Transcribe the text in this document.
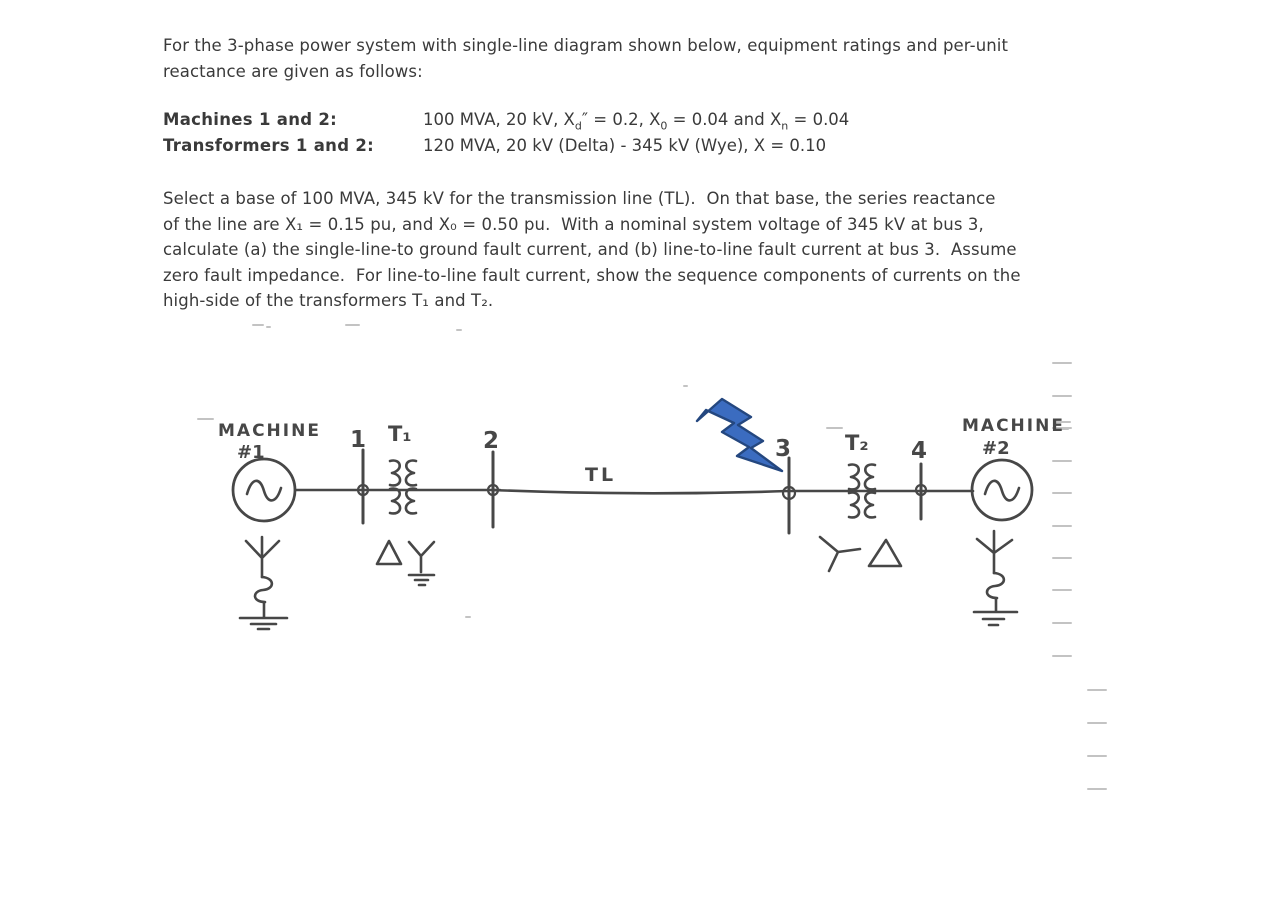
For the 3-phase power system with single-line diagram shown below, equipment ratings and per-unit
reactance are given as follows:
Machines 1 and 2:	100 MVA, 20 kV, $X_d'' = 0.2$, $X_0 = 0.04$ and $X_n = 0.04$
Transformers 1 and 2:	120 MVA, 20 kV (Delta) - 345 kV (Wye), X = 0.10
Select a base of 100 MVA, 345 kV for the transmission line (TL).  On that base, the series reactance
of the line are X₁ = 0.15 pu, and X₀ = 0.50 pu.  With a nominal system voltage of 345 kV at bus 3,
calculate (a) the single-line-to ground fault current, and (b) line-to-line fault current at bus 3.  Assume
zero fault impedance.  For line-to-line fault current, show the sequence components of currents on the
high-side of the transformers T₁ and T₂.
MACHINE
#1	1 T₁	2
TL
3	T₂ 4
MACHINE
#2
